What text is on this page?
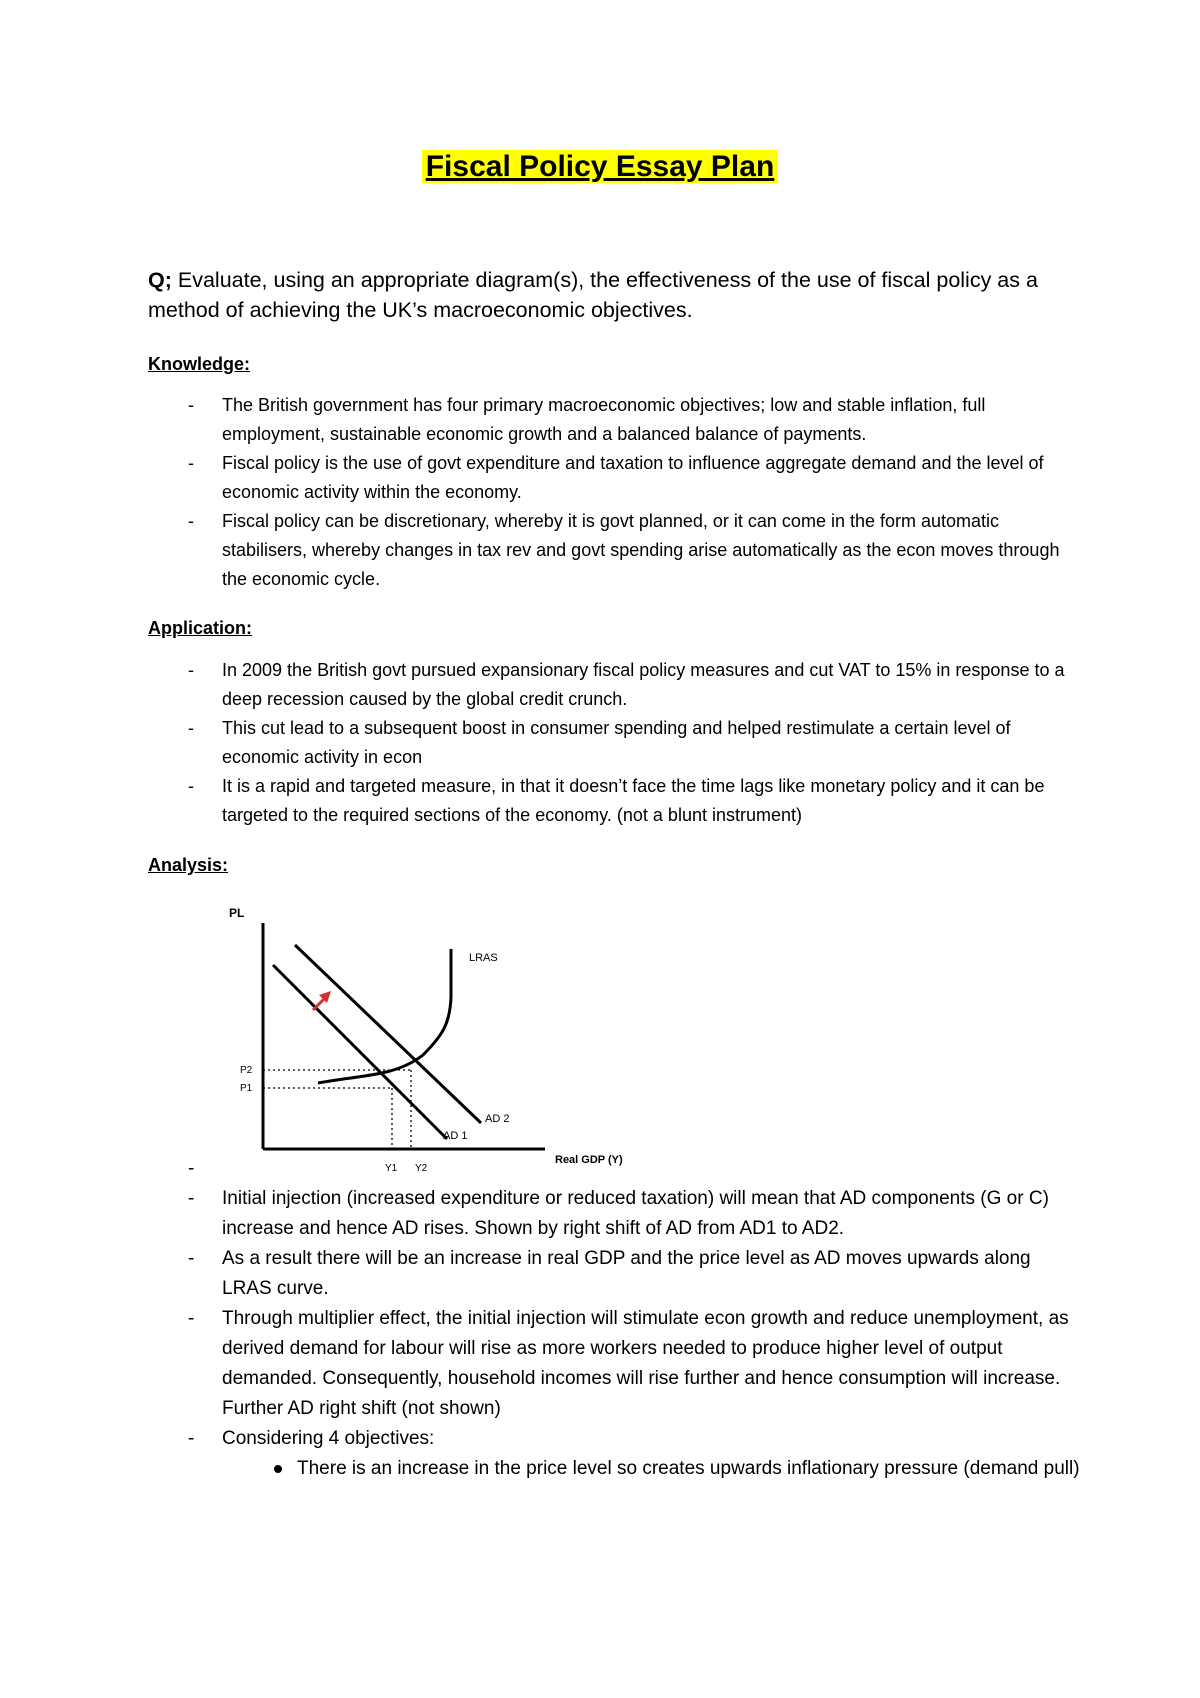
Fiscal Policy Essay Plan
Q; Evaluate, using an appropriate diagram(s), the effectiveness of the use of fiscal policy as a method of achieving the UK’s macroeconomic objectives.
Knowledge:
- The British government has four primary macroeconomic objectives; low and stable inflation, full employment, sustainable economic growth and a balanced balance of payments.
- Fiscal policy is the use of govt expenditure and taxation to influence aggregate demand and the level of economic activity within the economy.
- Fiscal policy can be discretionary, whereby it is govt planned, or it can come in the form automatic stabilisers, whereby changes in tax rev and govt spending arise automatically as the econ moves through the economic cycle.
Application:
- In 2009 the British govt pursued expansionary fiscal policy measures and cut VAT to 15% in response to a deep recession caused by the global credit crunch.
- This cut lead to a subsequent boost in consumer spending and helped restimulate a certain level of economic activity in econ
- It is a rapid and targeted measure, in that it doesn’t face the time lags like monetary policy and it can be targeted to the required sections of the economy. (not a blunt instrument)
Analysis:
PL
Real GDP (Y)
LRAS
AD 1
AD 2
P2
P1
Y1 Y2
-

- Initial injection (increased expenditure or reduced taxation) will mean that AD components (G or C) increase and hence AD rises. Shown by right shift of AD from AD1 to AD2.
- As a result there will be an increase in real GDP and the price level as AD moves upwards along LRAS curve.
- Through multiplier effect, the initial injection will stimulate econ growth and reduce unemployment, as derived demand for labour will rise as more workers needed to produce higher level of output demanded. Consequently, household incomes will rise further and hence consumption will increase. Further AD right shift (not shown)
- Considering 4 objectives:
There is an increase in the price level so creates upwards inflationary pressure (demand pull)
